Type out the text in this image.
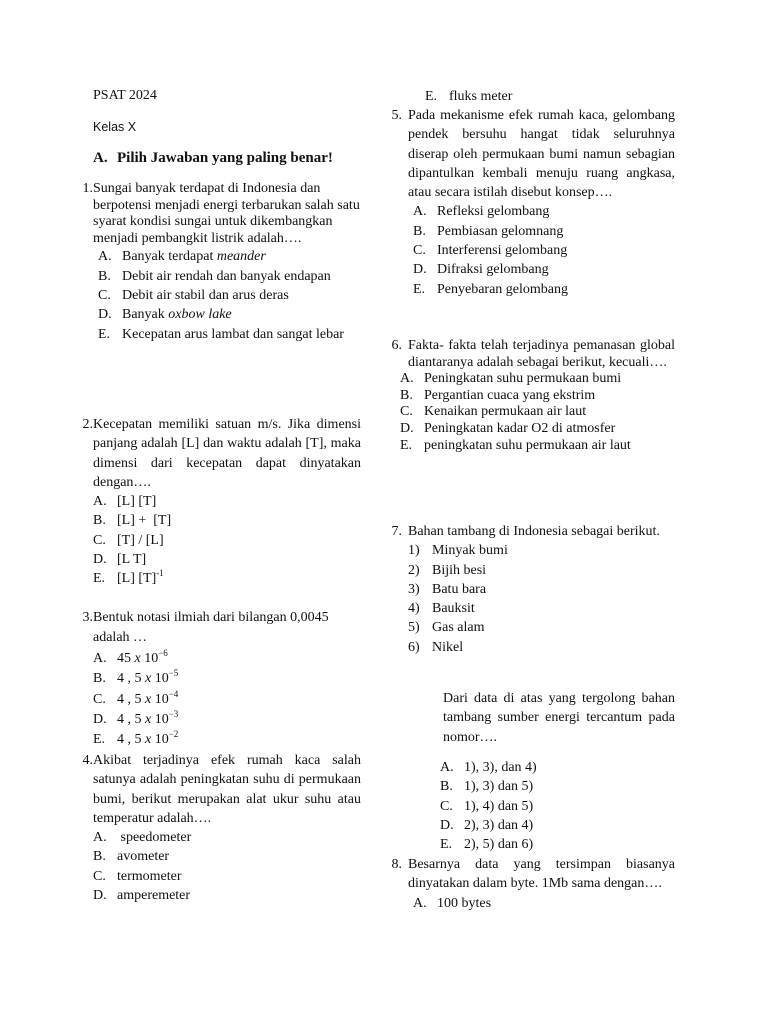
PSAT 2024
Kelas X
A. Pilih Jawaban yang paling benar!
1. Sungai banyak terdapat di Indonesia dan berpotensi menjadi energi terbarukan salah satu syarat kondisi sungai untuk dikembangkan menjadi pembangkit listrik adalah….
A. Banyak terdapat meander
B. Debit air rendah dan banyak endapan
C. Debit air stabil dan arus deras
D. Banyak oxbow lake
E. Kecepatan arus lambat dan sangat lebar
2. Kecepatan memiliki satuan m/s. Jika dimensi panjang adalah [L] dan waktu adalah [T], maka dimensi dari kecepatan dapat dinyatakan dengan….
A. [L] [T]
B. [L] +  [T]
C. [T] / [L]
D. [L T]
E. [L] $[T]^{-1}$
3. Bentuk notasi ilmiah dari bilangan 0,0045 adalah …
A. 45 x $10^{-6}$
B. 4 , 5 x $10^{-5}$
C. 4 , 5 x $10^{-4}$
D. 4 , 5 x $10^{-3}$
E. 4 , 5 x $10^{-2}$
4. Akibat terjadinya efek rumah kaca salah satunya adalah peningkatan suhu di permukaan bumi, berikut merupakan alat ukur suhu atau temperatur adalah….
A. speedometer
B. avometer
C. termometer
D. amperemeter
E. fluks meter
5. Pada mekanisme efek rumah kaca, gelombang pendek bersuhu hangat tidak seluruhnya diserap oleh permukaan bumi namun sebagian dipantulkan kembali menuju ruang angkasa, atau secara istilah disebut konsep….
A. Refleksi gelombang
B. Pembiasan gelomnang
C. Interferensi gelombang
D. Difraksi gelombang
E. Penyebaran gelombang
6. Fakta- fakta telah terjadinya pemanasan global diantaranya adalah sebagai berikut, kecuali….
A. Peningkatan suhu permukaan bumi
B. Pergantian cuaca yang ekstrim
C. Kenaikan permukaan air laut
D. Peningkatan kadar O2 di atmosfer
E. peningkatan suhu permukaan air laut
7. Bahan tambang di Indonesia sebagai berikut.
1) Minyak bumi
2) Bijih besi
3) Batu bara
4) Bauksit
5) Gas alam
6) Nikel
Dari data di atas yang tergolong bahan tambang sumber energi tercantum pada nomor….
A. 1), 3), dan 4)
B. 1), 3) dan 5)
C. 1), 4) dan 5)
D. 2), 3) dan 4)
E. 2), 5) dan 6)
8. Besarnya data yang tersimpan biasanya dinyatakan dalam byte. 1Mb sama dengan….
A. 100 bytes
